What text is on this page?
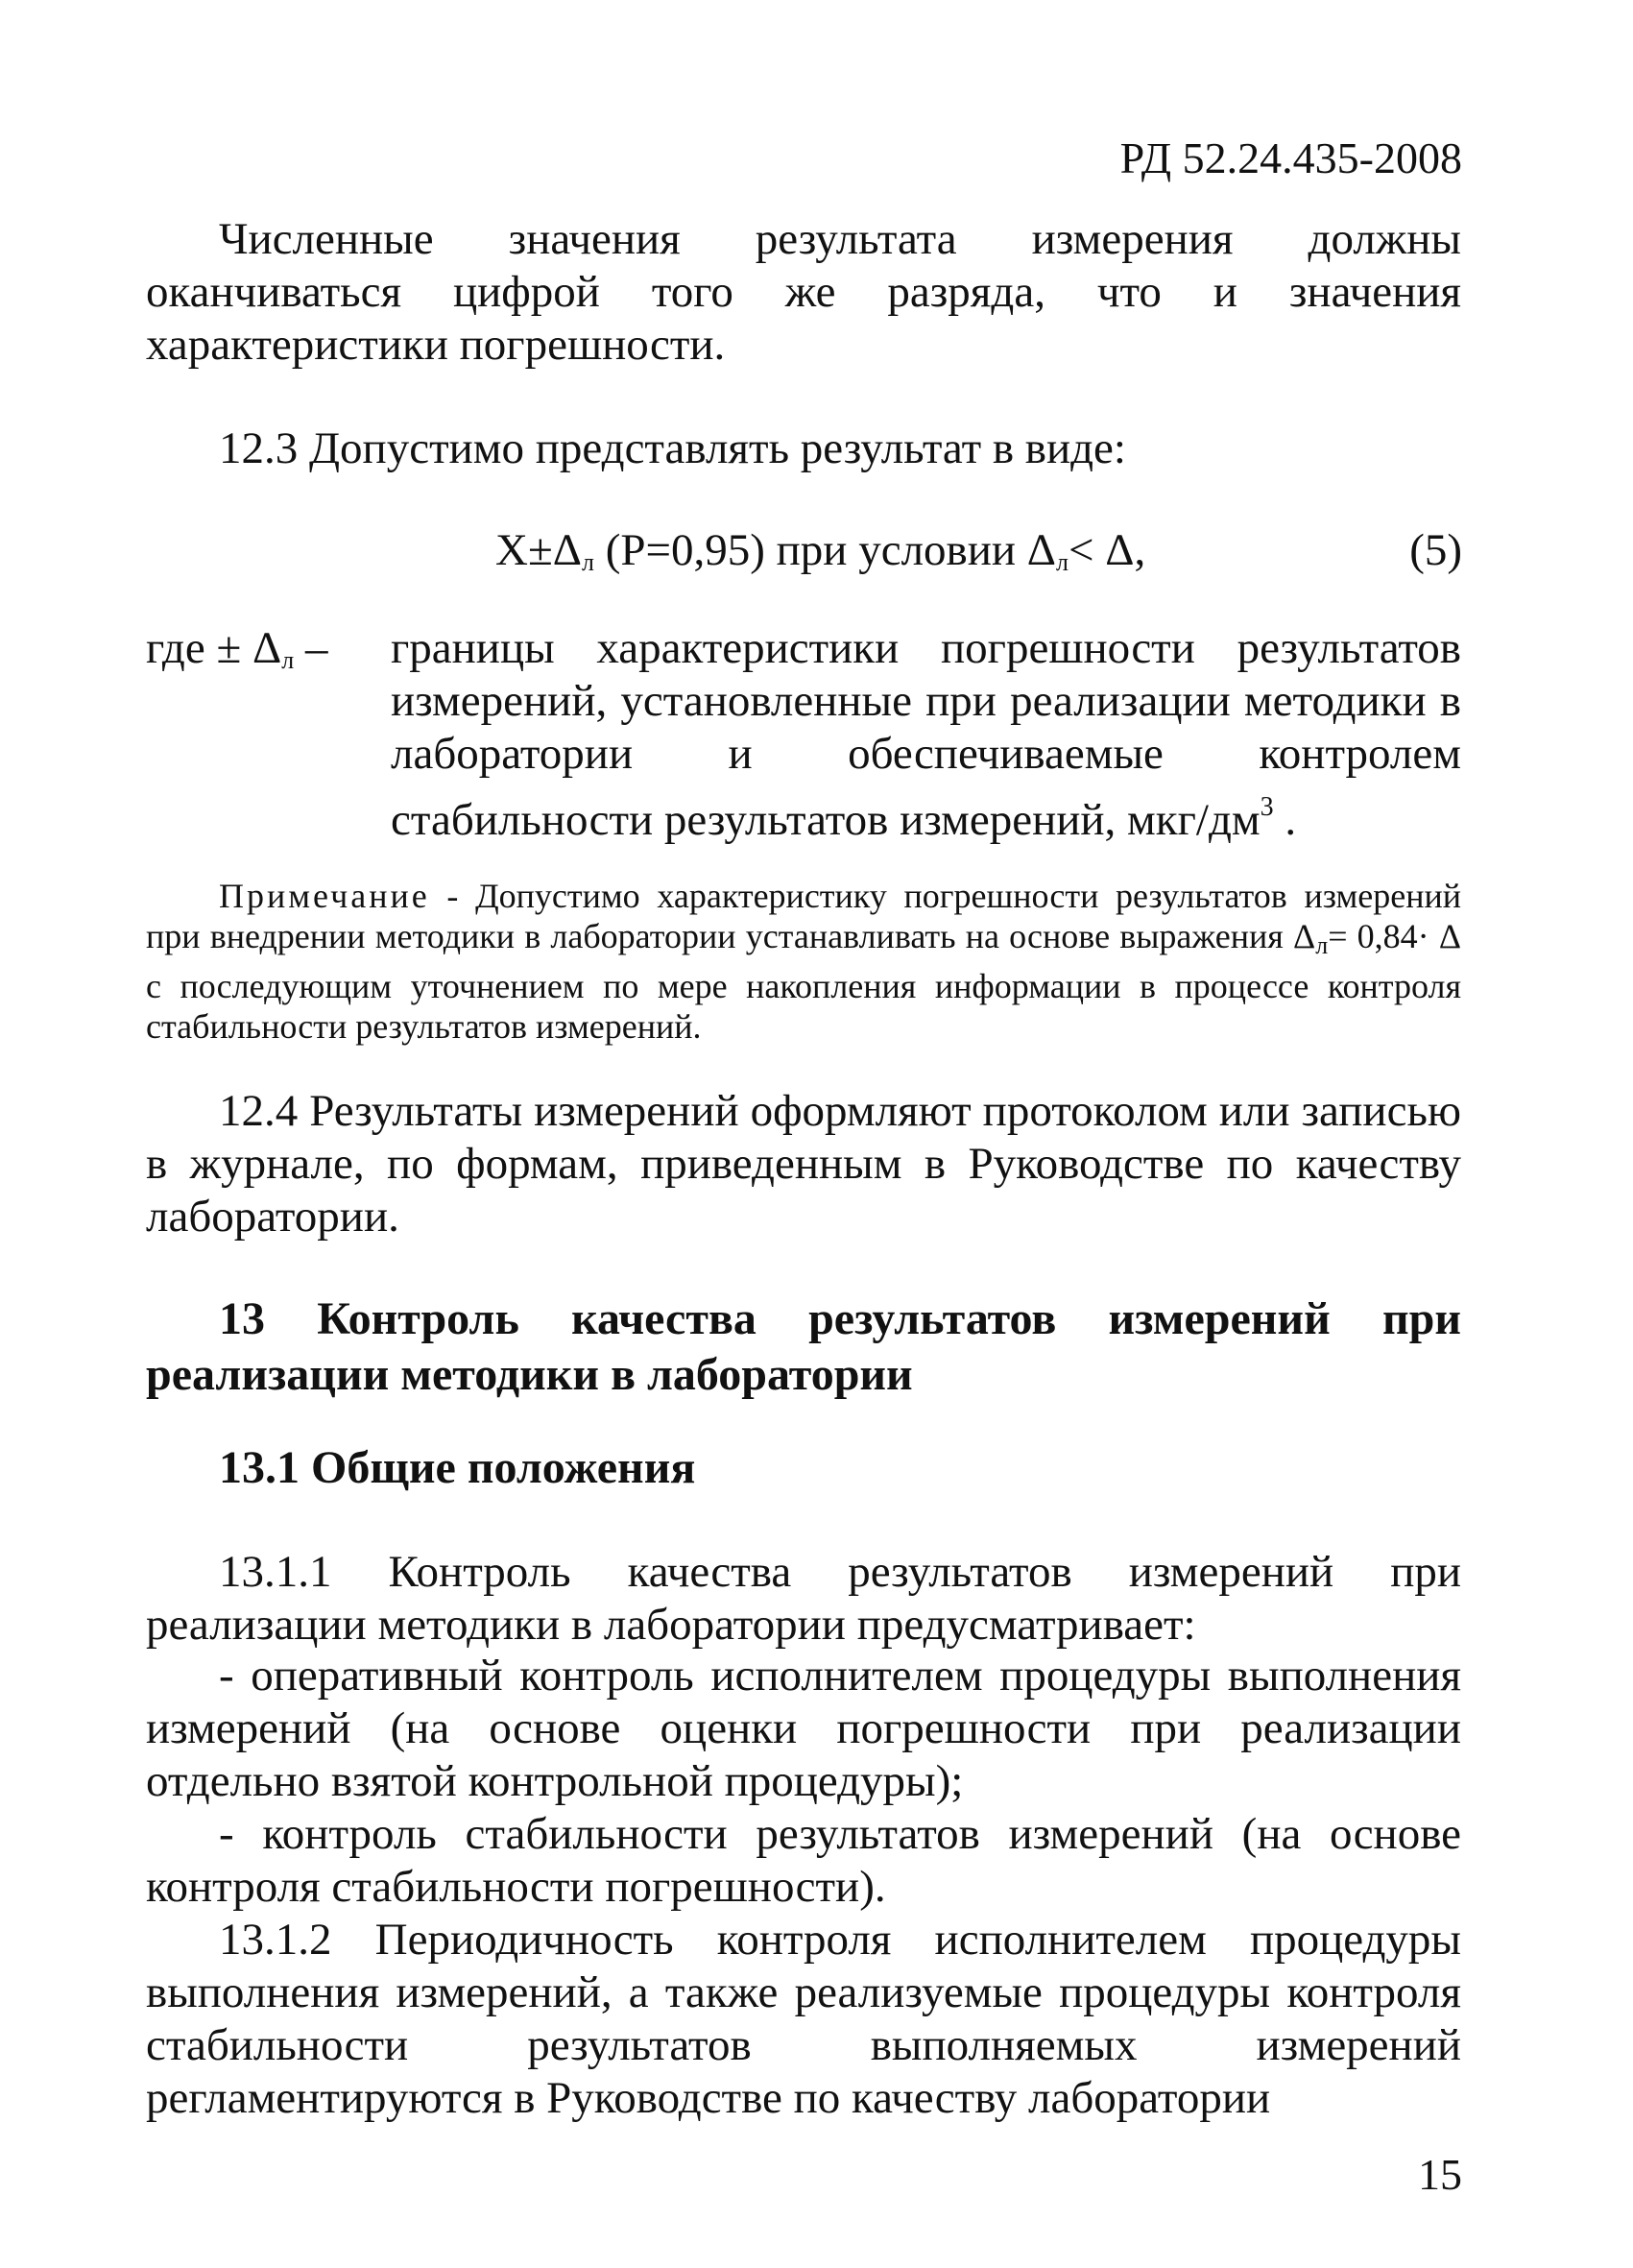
РД 52.24.435-2008

Численные значения результата измерения должны оканчиваться цифрой того же разряда, что и значения характеристики погрешности.

12.3 Допустимо представлять результат в виде:

$X\pm\Delta_л$ (P=0,95) при условии $\Delta_л< \Delta$,	(5)
где ± $\Delta_л$ – границы характеристики погрешности результатов измерений, установленные при реализации методики в лаборатории и обеспечиваемые контролем стабильности результатов измерений, мкг/$дм^3$ .
Примечание - Допустимо характеристику погрешности результатов измерений при внедрении методики в лаборатории устанавливать на основе выражения $\Delta_л= 0,84\cdot \Delta$ с последующим уточнением по мере накопления информации в процессе контроля стабильности результатов измерений.

12.4 Результаты измерений оформляют протоколом или записью в журнале, по формам, приведенным в Руководстве по качеству лаборатории.

13 Контроль качества результатов измерений при реализации методики в лаборатории

13.1 Общие положения

13.1.1 Контроль качества результатов измерений при реализации методики в лаборатории предусматривает:

- оперативный контроль исполнителем процедуры выполнения измерений (на основе оценки погрешности при реализации отдельно взятой контрольной процедуры);

- контроль стабильности результатов измерений (на основе контроля стабильности погрешности).

13.1.2 Периодичность контроля исполнителем процедуры выполнения измерений, а также реализуемые процедуры контроля стабильности результатов выполняемых измерений регламентируются в Руководстве по качеству лаборатории

15
